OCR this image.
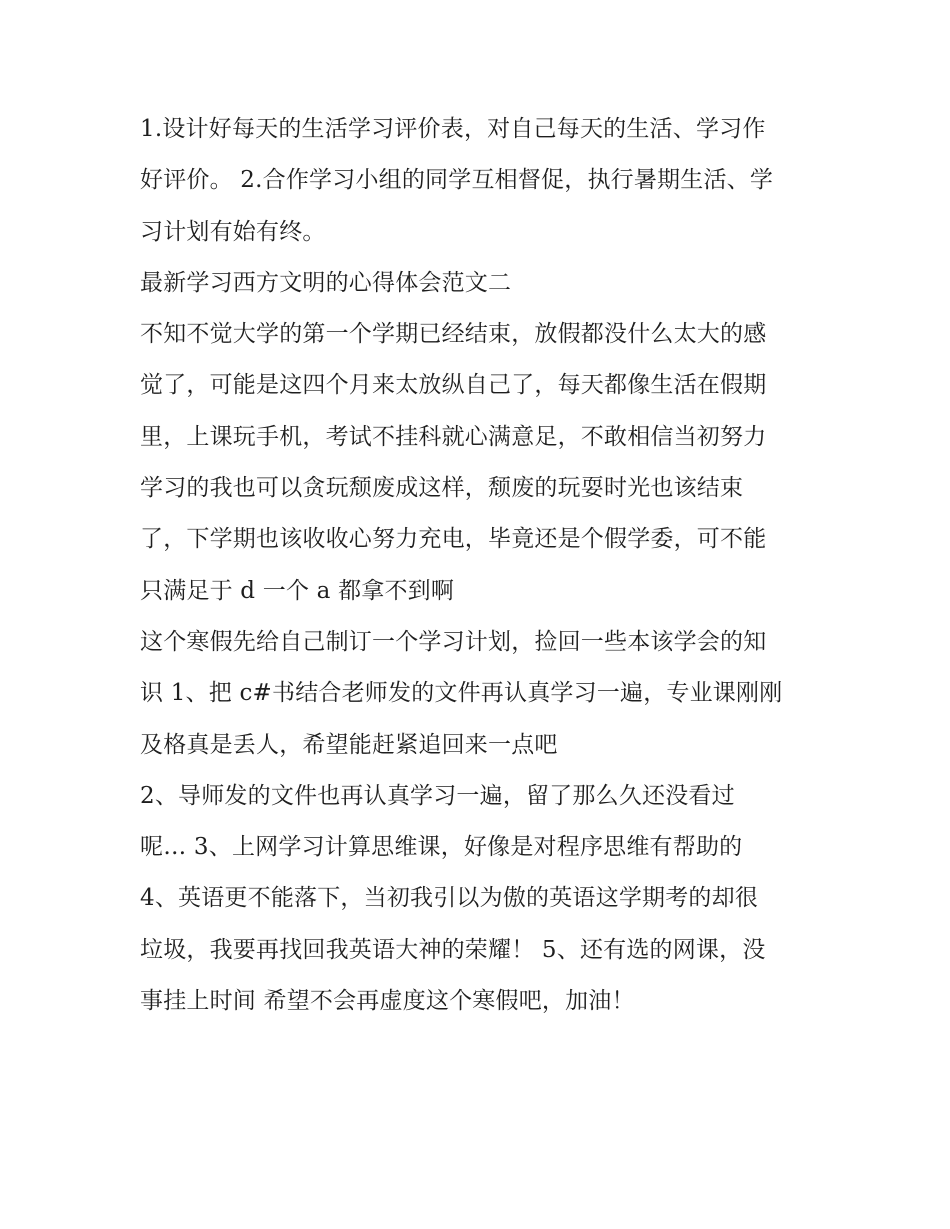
1.设计好每天的生活学习评价表，对自己每天的生活、学习作
好评价。 2.合作学习小组的同学互相督促，执行暑期生活、学
习计划有始有终。
最新学习西方文明的心得体会范文二
不知不觉大学的第一个学期已经结束，放假都没什么太大的感
觉了，可能是这四个月来太放纵自己了，每天都像生活在假期
里，上课玩手机，考试不挂科就心满意足，不敢相信当初努力
学习的我也可以贪玩颓废成这样，颓废的玩耍时光也该结束
了，下学期也该收收心努力充电，毕竟还是个假学委，可不能
只满足于 d 一个 a 都拿不到啊
这个寒假先给自己制订一个学习计划，捡回一些本该学会的知
识 1、把 c#书结合老师发的文件再认真学习一遍，专业课刚刚
及格真是丢人，希望能赶紧追回来一点吧
2、导师发的文件也再认真学习一遍，留了那么久还没看过
呢… 3、上网学习计算思维课，好像是对程序思维有帮助的
4、英语更不能落下，当初我引以为傲的英语这学期考的却很
垃圾，我要再找回我英语大神的荣耀！ 5、还有选的网课，没
事挂上时间 希望不会再虚度这个寒假吧，加油！
